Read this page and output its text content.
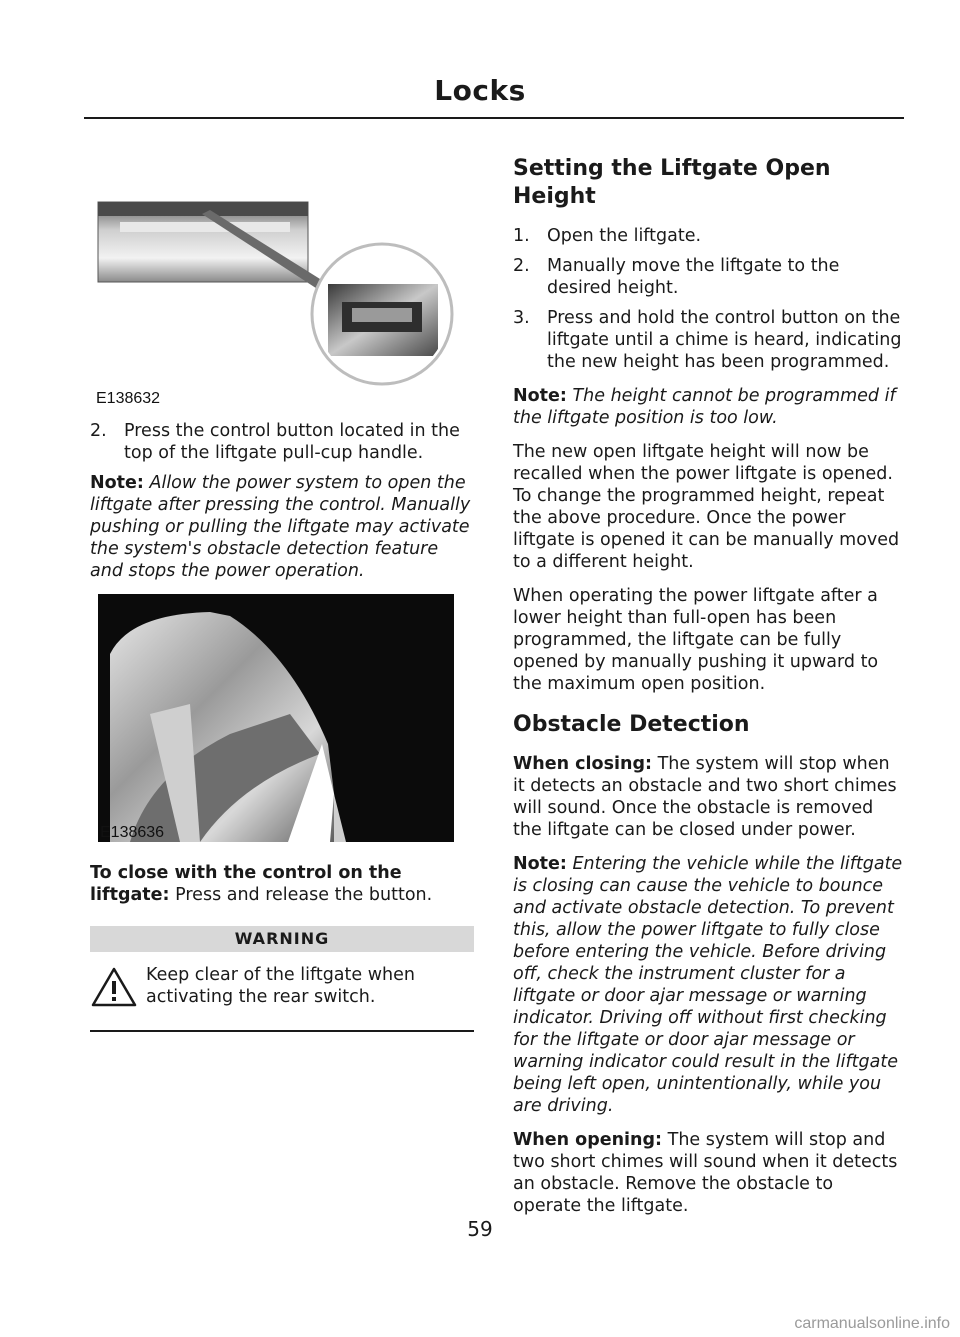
Locks
E138632
2. Press the control button located in the top of the liftgate pull-cup handle.

Note: Allow the power system to open the liftgate after pressing the control. Manually pushing or pulling the liftgate may activate the system's obstacle detection feature and stops the power operation.

E138636

To close with the control on the liftgate: Press and release the button.

WARNING
Keep clear of the liftgate when activating the rear switch.
Setting the Liftgate Open Height
1. Open the liftgate.
2. Manually move the liftgate to the desired height.
3. Press and hold the control button on the liftgate until a chime is heard, indicating the new height has been programmed.

Note: The height cannot be programmed if the liftgate position is too low.

The new open liftgate height will now be recalled when the power liftgate is opened. To change the programmed height, repeat the above procedure. Once the power liftgate is opened it can be manually moved to a different height.

When operating the power liftgate after a lower height than full-open has been programmed, the liftgate can be fully opened by manually pushing it upward to the maximum open position.

Obstacle Detection

When closing: The system will stop when it detects an obstacle and two short chimes will sound. Once the obstacle is removed the liftgate can be closed under power.

Note: Entering the vehicle while the liftgate is closing can cause the vehicle to bounce and activate obstacle detection. To prevent this, allow the power liftgate to fully close before entering the vehicle. Before driving off, check the instrument cluster for a liftgate or door ajar message or warning indicator. Driving off without first checking for the liftgate or door ajar message or warning indicator could result in the liftgate being left open, unintentionally, while you are driving.

When opening: The system will stop and two short chimes will sound when it detects an obstacle. Remove the obstacle to operate the liftgate.

59
carmanualsonline.info
